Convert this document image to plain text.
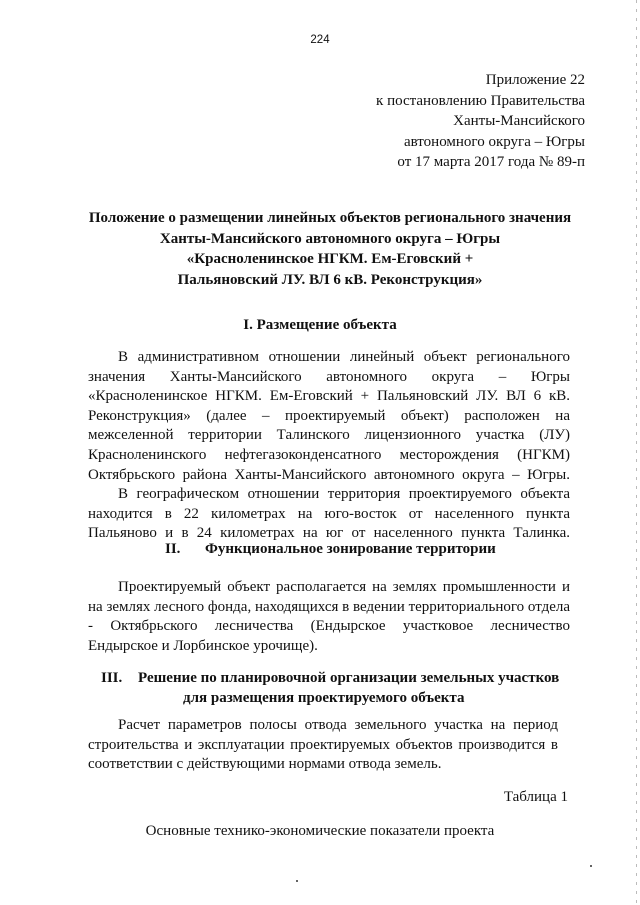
224
Приложение 22
к постановлению Правительства
Ханты-Мансийского
автономного округа – Югры
от 17 марта 2017 года № 89-п
Положение о размещении линейных объектов регионального значения
Ханты-Мансийского автономного округа – Югры
«Красноленинское НГКМ. Ем-Еговский +
Пальяновский ЛУ. ВЛ 6 кВ. Реконструкция»
I. Размещение объекта
В административном отношении линейный объект регионального
значения Ханты-Мансийского автономного округа – Югры
«Красноленинское НГКМ. Ем-Еговский + Пальяновский ЛУ. ВЛ 6 кВ.
Реконструкция» (далее – проектируемый объект) расположен на
межселенной территории Талинского лицензионного участка (ЛУ)
Красноленинского нефтегазоконденсатного месторождения (НГКМ)
Октябрьского района Ханты-Мансийского автономного округа – Югры.
В географическом отношении территория проектируемого объекта
находится в 22 километрах на юго-восток от населенного пункта
Пальяново и в 24 километрах на юг от населенного пункта Талинка.
II. Функциональное зонирование территории
Проектируемый объект располагается на землях промышленности и
на землях лесного фонда, находящихся в ведении территориального отдела
- Октябрьского лесничества (Ендырское участковое лесничество
Ендырское и Лорбинское урочище).
III. Решение по планировочной организации земельных участков
для размещения проектируемого объекта
Расчет параметров полосы отвода земельного участка на период
строительства и эксплуатации проектируемых объектов производится в
соответствии с действующими нормами отвода земель.
Таблица 1
Основные технико-экономические показатели проекта
